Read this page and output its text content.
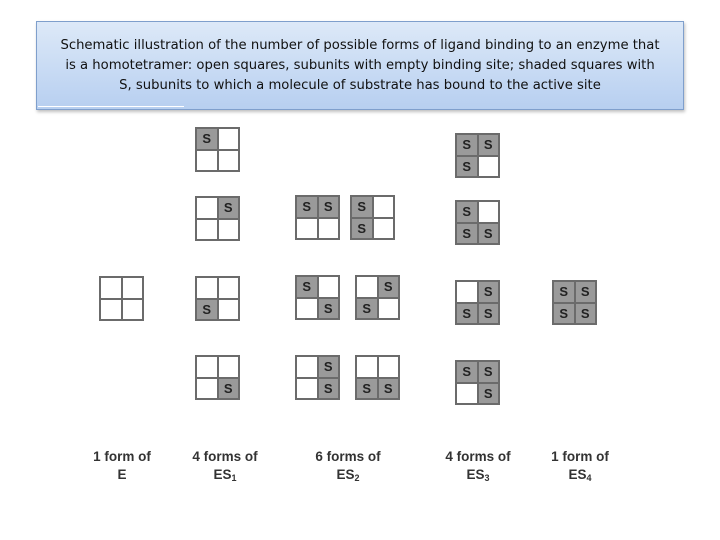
Schematic illustration of the number of possible forms of ligand binding to an enzyme that is a homotetramer: open squares, subunits with empty binding site; shaded squares with S, subunits to which a molecule of substrate has bound to the active site
1 form of
E
S
S
S
S
4 forms of
$ES_1$
S S	S
S
S
S
S
S
S
S	S S
6 forms of
$ES_2$
S S
S
S
S S
S
S S
S S
S
4 forms of
$ES_3$
S S
S S
1 form of
$ES_4$
